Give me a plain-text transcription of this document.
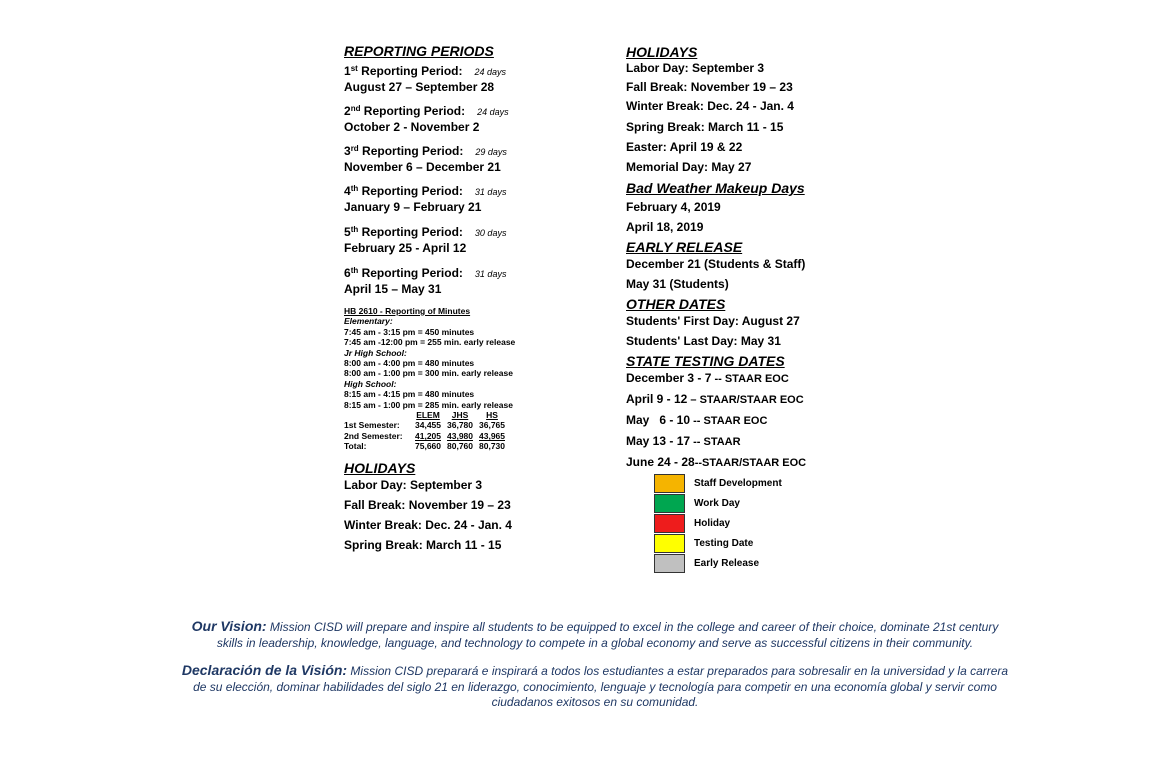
REPORTING PERIODS

1st Reporting Period: 24 days
August 27 – September 28
2nd Reporting Period: 24 days
October 2 - November 2
3rd Reporting Period: 29 days
November 6 – December 21
4th Reporting Period: 31 days
January 9 – February 21
5th Reporting Period: 30 days
February 25 - April 12
6th Reporting Period: 31 days
April 15 – May 31
HB 2610 - Reporting of Minutes
Elementary:
7:45 am - 3:15 pm = 450 minutes
7:45 am -12:00 pm = 255 min. early release
Jr High School:
8:00 am - 4:00 pm = 480 minutes
8:00 am - 1:00 pm = 300 min. early release
High School:
8:15 am - 4:15 pm = 480 minutes
8:15 am - 1:00 pm = 285 min. early release
	ELEM	JHS	HS
1st Semester:	34,455	36,780	36,765
2nd Semester:	41,205	43,980	43,965
Total:	75,660	80,760	80,730

HOLIDAYS

Labor Day: September 3

Fall Break: November 19 – 23

Winter Break: Dec. 24 - Jan. 4

Spring Break: March 11 - 15

HOLIDAYS

Labor Day: September 3

Fall Break: November 19 – 23

Winter Break: Dec. 24 - Jan. 4

Spring Break: March 11 - 15

Easter: April 19 & 22

Memorial Day: May 27

Bad Weather Makeup Days

February 4, 2019

April 18, 2019

EARLY RELEASE

December 21 (Students & Staff)

May 31 (Students)

OTHER DATES

Students' First Day: August 27

Students' Last Day: May 31

STATE TESTING DATES

December 3 - 7 -- STAAR EOC

April 9 - 12 – STAAR/STAAR EOC

May   6 - 10 -- STAAR EOC

May 13 - 17 -- STAAR

June 24 - 28--STAAR/STAAR EOC

Staff Development
Work Day
Holiday
Testing Date
Early Release
Our Vision: Mission CISD will prepare and inspire all students to be equipped to excel in the college and career of their choice, dominate 21st century skills in leadership, knowledge, language, and technology to compete in a global economy and serve as successful citizens in their community.
Declaración de la Visión: Mission CISD preparará e inspirará a todos los estudiantes a estar preparados para sobresalir en la universidad y la carrera de su elección, dominar habilidades del siglo 21 en liderazgo, conocimiento, lenguaje y tecnología para competir en una economía global y servir como ciudadanos exitosos en su comunidad.
